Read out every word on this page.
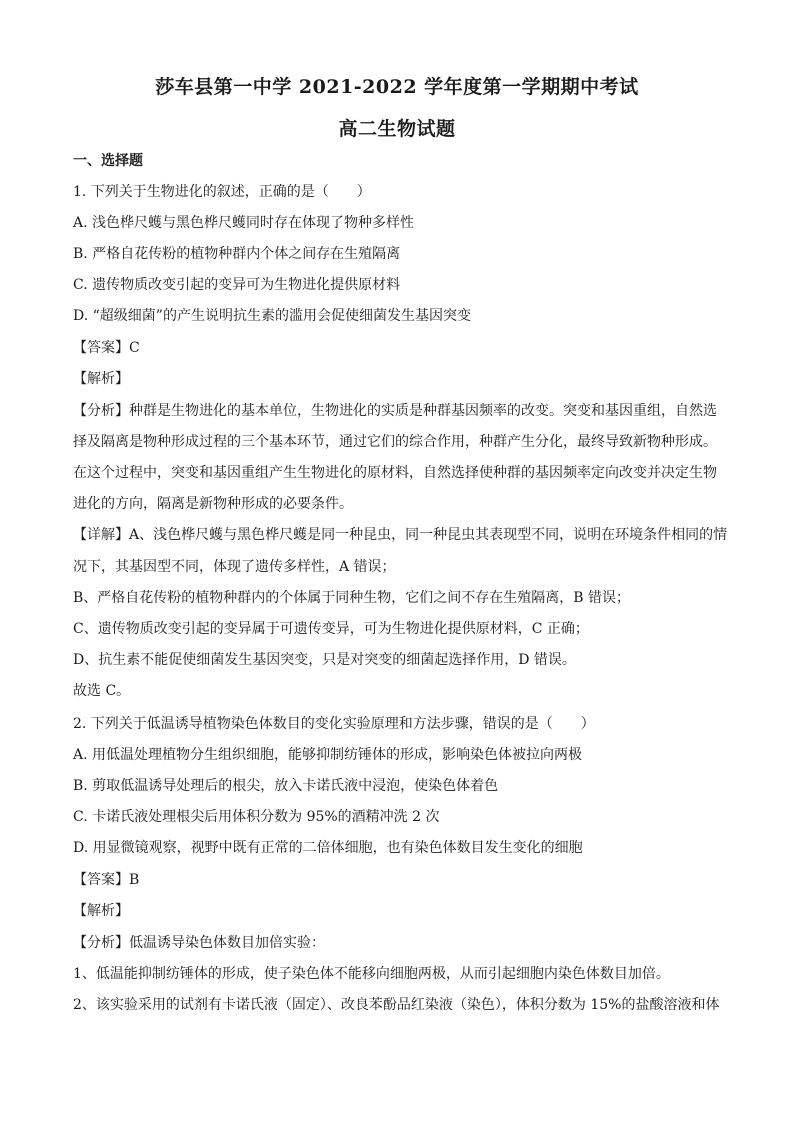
莎车县第一中学 2021-2022 学年度第一学期期中考试
高二生物试题
一、选择题
1. 下列关于生物进化的叙述，正确的是（　　）
A. 浅色桦尺蠖与黑色桦尺蠖同时存在体现了物种多样性
B. 严格自花传粉的植物种群内个体之间存在生殖隔离
C. 遗传物质改变引起的变异可为生物进化提供原材料
D. “超级细菌”的产生说明抗生素的滥用会促使细菌发生基因突变
【答案】C
【解析】
【分析】种群是生物进化的基本单位，生物进化的实质是种群基因频率的改变。突变和基因重组，自然选
择及隔离是物种形成过程的三个基本环节，通过它们的综合作用，种群产生分化，最终导致新物种形成。
在这个过程中，突变和基因重组产生生物进化的原材料，自然选择使种群的基因频率定向改变并决定生物
进化的方向，隔离是新物种形成的必要条件。
【详解】A、浅色桦尺蠖与黑色桦尺蠖是同一种昆虫，同一种昆虫其表现型不同，说明在环境条件相同的情
况下，其基因型不同，体现了遗传多样性，A 错误；
B、严格自花传粉的植物种群内的个体属于同种生物，它们之间不存在生殖隔离，B 错误；
C、遗传物质改变引起的变异属于可遗传变异，可为生物进化提供原材料，C 正确；
D、抗生素不能促使细菌发生基因突变，只是对突变的细菌起选择作用，D 错误。
故选 C。
2. 下列关于低温诱导植物染色体数目的变化实验原理和方法步骤，错误的是（　　）
A. 用低温处理植物分生组织细胞，能够抑制纺锤体的形成，影响染色体被拉向两极
B. 剪取低温诱导处理后的根尖，放入卡诺氏液中浸泡，使染色体着色
C. 卡诺氏液处理根尖后用体积分数为 95%的酒精冲洗 2 次
D. 用显微镜观察，视野中既有正常的二倍体细胞，也有染色体数目发生变化的细胞
【答案】B
【解析】
【分析】低温诱导染色体数目加倍实验：
1、低温能抑制纺锤体的形成，使子染色体不能移向细胞两极，从而引起细胞内染色体数目加倍。
2、该实验采用的试剂有卡诺氏液（固定）、改良苯酚品红染液（染色），体积分数为 15%的盐酸溶液和体
